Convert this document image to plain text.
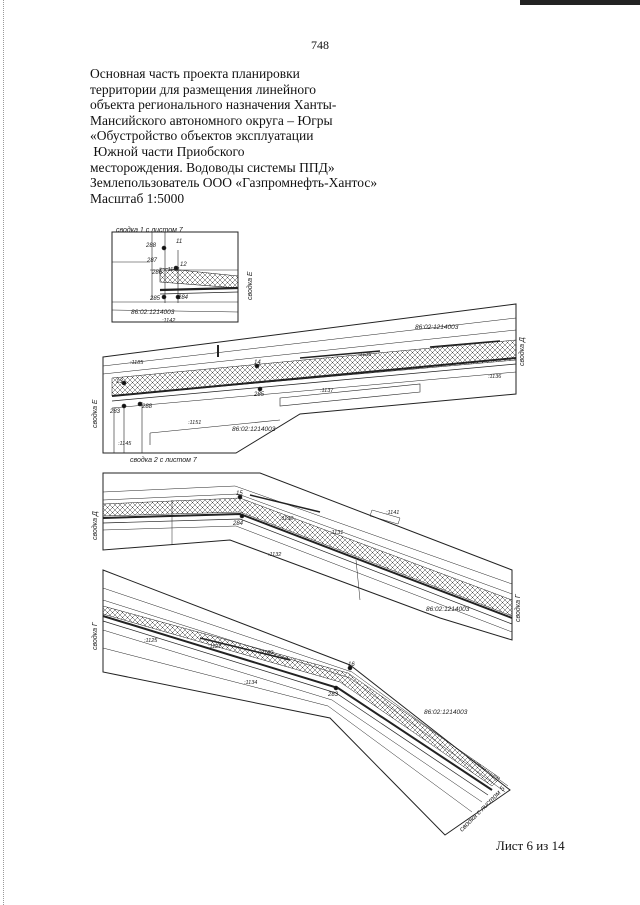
748
Основная часть проекта планировки
территории для размещения линейного
объекта регионального назначения Ханты-
Мансийского автономного округа – Югры
«Обустройство объектов эксплуатации
Южной части Приобского
месторождения. Водоводы системы ППД»
Землепользователь ООО «Газпромнефть-Хантос»
Масштаб 1:5000
сводка 1 с листом 7
288
11
287
286 :1142
12
285	284
86:02:1214003
:1142
сводка Е
86:02:1214003
:1185
:1136
:1136
:1137
:1151
:1145
86:02:1214003
14
285
13
283
288
сводка 2 с листом 7
сводка Е
сводка Д
15
284
:1130
:1131
:1141
:1132
86:02:1214003
сводка Д
сводка Г
:1125
:1127
:1130
:1134
16
283
86:02:1214003
сводка Г
сводка с листом 5
Лист 6 из 14
